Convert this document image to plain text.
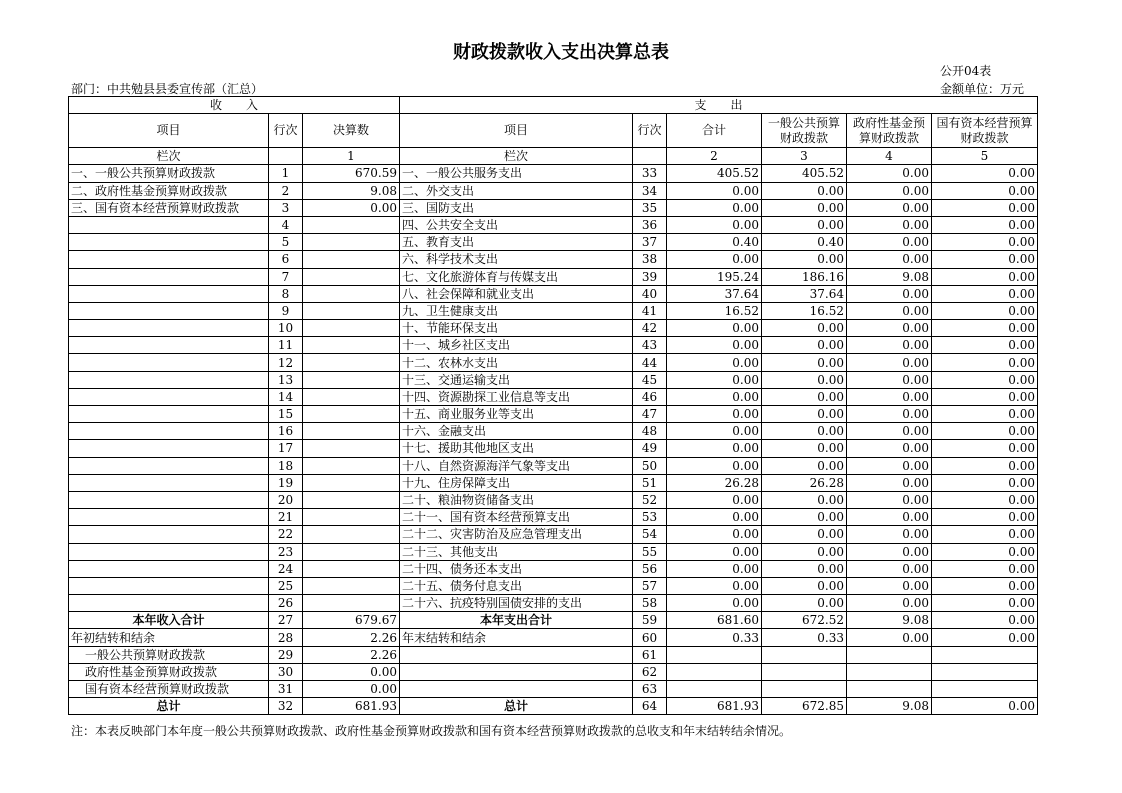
财政拨款收入支出决算总表
公开04表
部门：中共勉县县委宣传部（汇总）	金额单位：万元
收　　入			支　　出					
项目	行次	决算数	项目	行次	合计	一般公共预算财政拨款	政府性基金预算财政拨款	国有资本经营预算财政拨款
栏次		1	栏次		2	3	4	5
一、一般公共预算财政拨款	1	670.59	一、一般公共服务支出	33	405.52	405.52	0.00	0.00
二、政府性基金预算财政拨款	2	9.08	二、外交支出	34	0.00	0.00	0.00	0.00
三、国有资本经营预算财政拨款	3	0.00	三、国防支出	35	0.00	0.00	0.00	0.00
	4		四、公共安全支出	36	0.00	0.00	0.00	0.00
	5		五、教育支出	37	0.40	0.40	0.00	0.00
	6		六、科学技术支出	38	0.00	0.00	0.00	0.00
	7		七、文化旅游体育与传媒支出	39	195.24	186.16	9.08	0.00
	8		八、社会保障和就业支出	40	37.64	37.64	0.00	0.00
	9		九、卫生健康支出	41	16.52	16.52	0.00	0.00
	10		十、节能环保支出	42	0.00	0.00	0.00	0.00
	11		十一、城乡社区支出	43	0.00	0.00	0.00	0.00
	12		十二、农林水支出	44	0.00	0.00	0.00	0.00
	13		十三、交通运输支出	45	0.00	0.00	0.00	0.00
	14		十四、资源勘探工业信息等支出	46	0.00	0.00	0.00	0.00
	15		十五、商业服务业等支出	47	0.00	0.00	0.00	0.00
	16		十六、金融支出	48	0.00	0.00	0.00	0.00
	17		十七、援助其他地区支出	49	0.00	0.00	0.00	0.00
	18		十八、自然资源海洋气象等支出	50	0.00	0.00	0.00	0.00
	19		十九、住房保障支出	51	26.28	26.28	0.00	0.00
	20		二十、粮油物资储备支出	52	0.00	0.00	0.00	0.00
	21		二十一、国有资本经营预算支出	53	0.00	0.00	0.00	0.00
	22		二十二、灾害防治及应急管理支出	54	0.00	0.00	0.00	0.00
	23		二十三、其他支出	55	0.00	0.00	0.00	0.00
	24		二十四、债务还本支出	56	0.00	0.00	0.00	0.00
	25		二十五、债务付息支出	57	0.00	0.00	0.00	0.00
	26		二十六、抗疫特别国债安排的支出	58	0.00	0.00	0.00	0.00
本年收入合计	27	679.67	本年支出合计	59	681.60	672.52	9.08	0.00
年初结转和结余	28	2.26	年末结转和结余	60	0.33	0.33	0.00	0.00
一般公共预算财政拨款	29	2.26		61				
政府性基金预算财政拨款	30	0.00		62				
国有资本经营预算财政拨款	31	0.00		63				
总计	32	681.93	总计	64	681.93	672.85	9.08	0.00
注：本表反映部门本年度一般公共预算财政拨款、政府性基金预算财政拨款和国有资本经营预算财政拨款的总收支和年末结转结余情况。
